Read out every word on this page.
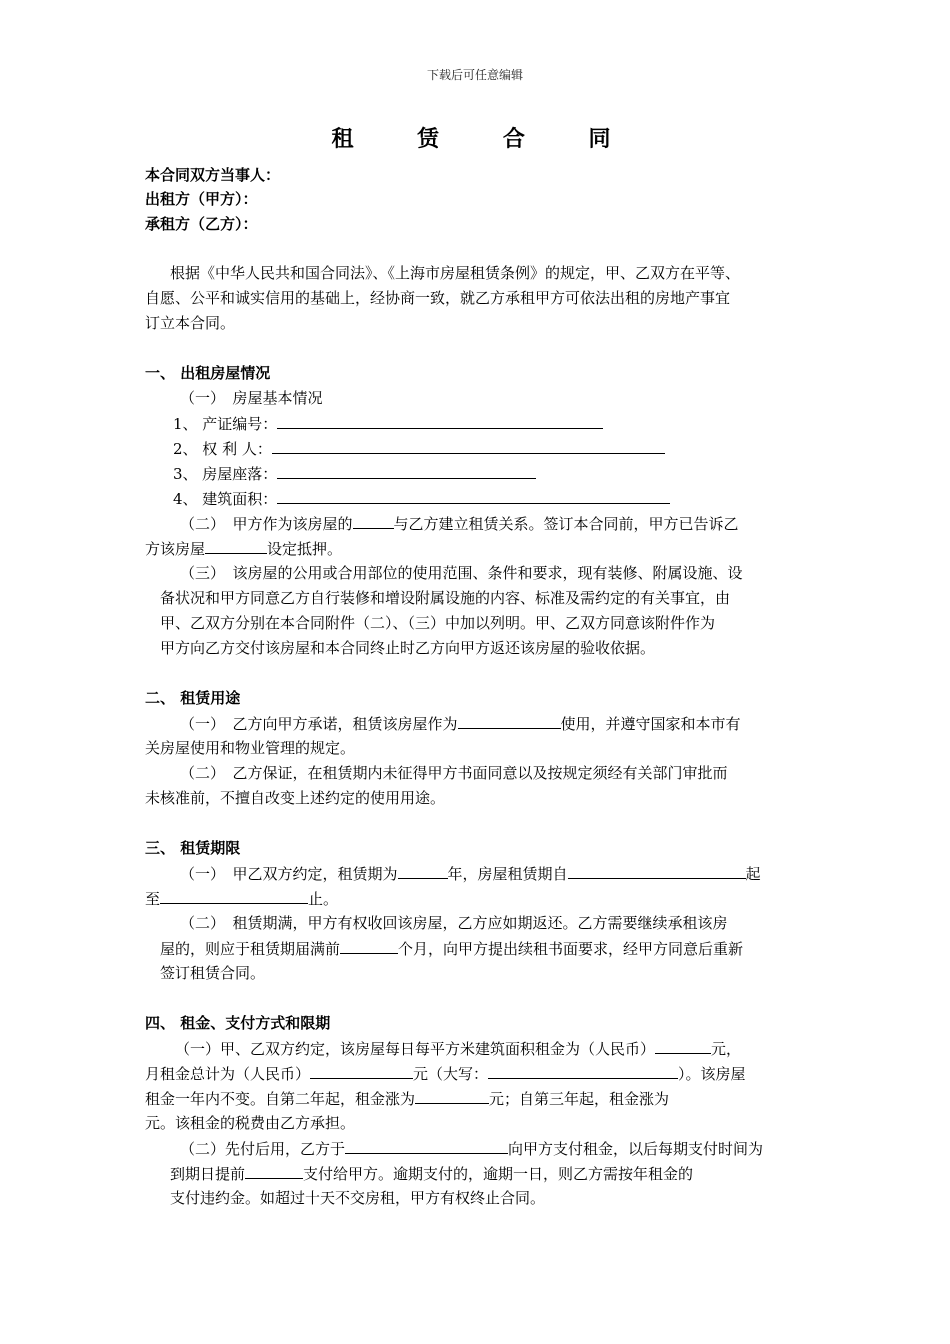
下载后可任意编辑
租 赁 合 同
本合同双方当事人：
出租方（甲方）：
承租方（乙方）：
根据《中华人民共和国合同法》、《上海市房屋租赁条例》的规定，甲、乙双方在平等、
自愿、公平和诚实信用的基础上，经协商一致，就乙方承租甲方可依法出租的房地产事宜
订立本合同。
一、 出租房屋情况
（一）　房屋基本情况
1、 产证编号：
2、 权 利 人：
3、 房屋座落：
4、 建筑面积：
（二）　甲方作为该房屋的	与乙方建立租赁关系。签订本合同前，甲方已告诉乙
方该房屋	设定抵押。
（三）　该房屋的公用或合用部位的使用范围、条件和要求，现有装修、附属设施、设
备状况和甲方同意乙方自行装修和增设附属设施的内容、标准及需约定的有关事宜，由
甲、乙双方分别在本合同附件（二）、（三）中加以列明。甲、乙双方同意该附件作为
甲方向乙方交付该房屋和本合同终止时乙方向甲方返还该房屋的验收依据。
二、 租赁用途
（一）　乙方向甲方承诺，租赁该房屋作为	使用，并遵守国家和本市有
关房屋使用和物业管理的规定。
（二）　乙方保证，在租赁期内未征得甲方书面同意以及按规定须经有关部门审批而
未核准前，不擅自改变上述约定的使用用途。
三、 租赁期限
（一）　甲乙双方约定，租赁期为	年，房屋租赁期自	起
至	止。
（二）　租赁期满，甲方有权收回该房屋，乙方应如期返还。乙方需要继续承租该房
屋的，则应于租赁期届满前	个月，向甲方提出续租书面要求，经甲方同意后重新
签订租赁合同。
四、 租金、支付方式和限期
（一）甲、乙双方约定，该房屋每日每平方米建筑面积租金为（人民币）	元，
月租金总计为（人民币）	元（大写：	）。该房屋
租金一年内不变。自第二年起，租金涨为	元；自第三年起，租金涨为
元。该租金的税费由乙方承担。
（二）先付后用，乙方于	向甲方支付租金，以后每期支付时间为
到期日提前	支付给甲方。逾期支付的，逾期一日，则乙方需按年租金的
支付违约金。如超过十天不交房租，甲方有权终止合同。
